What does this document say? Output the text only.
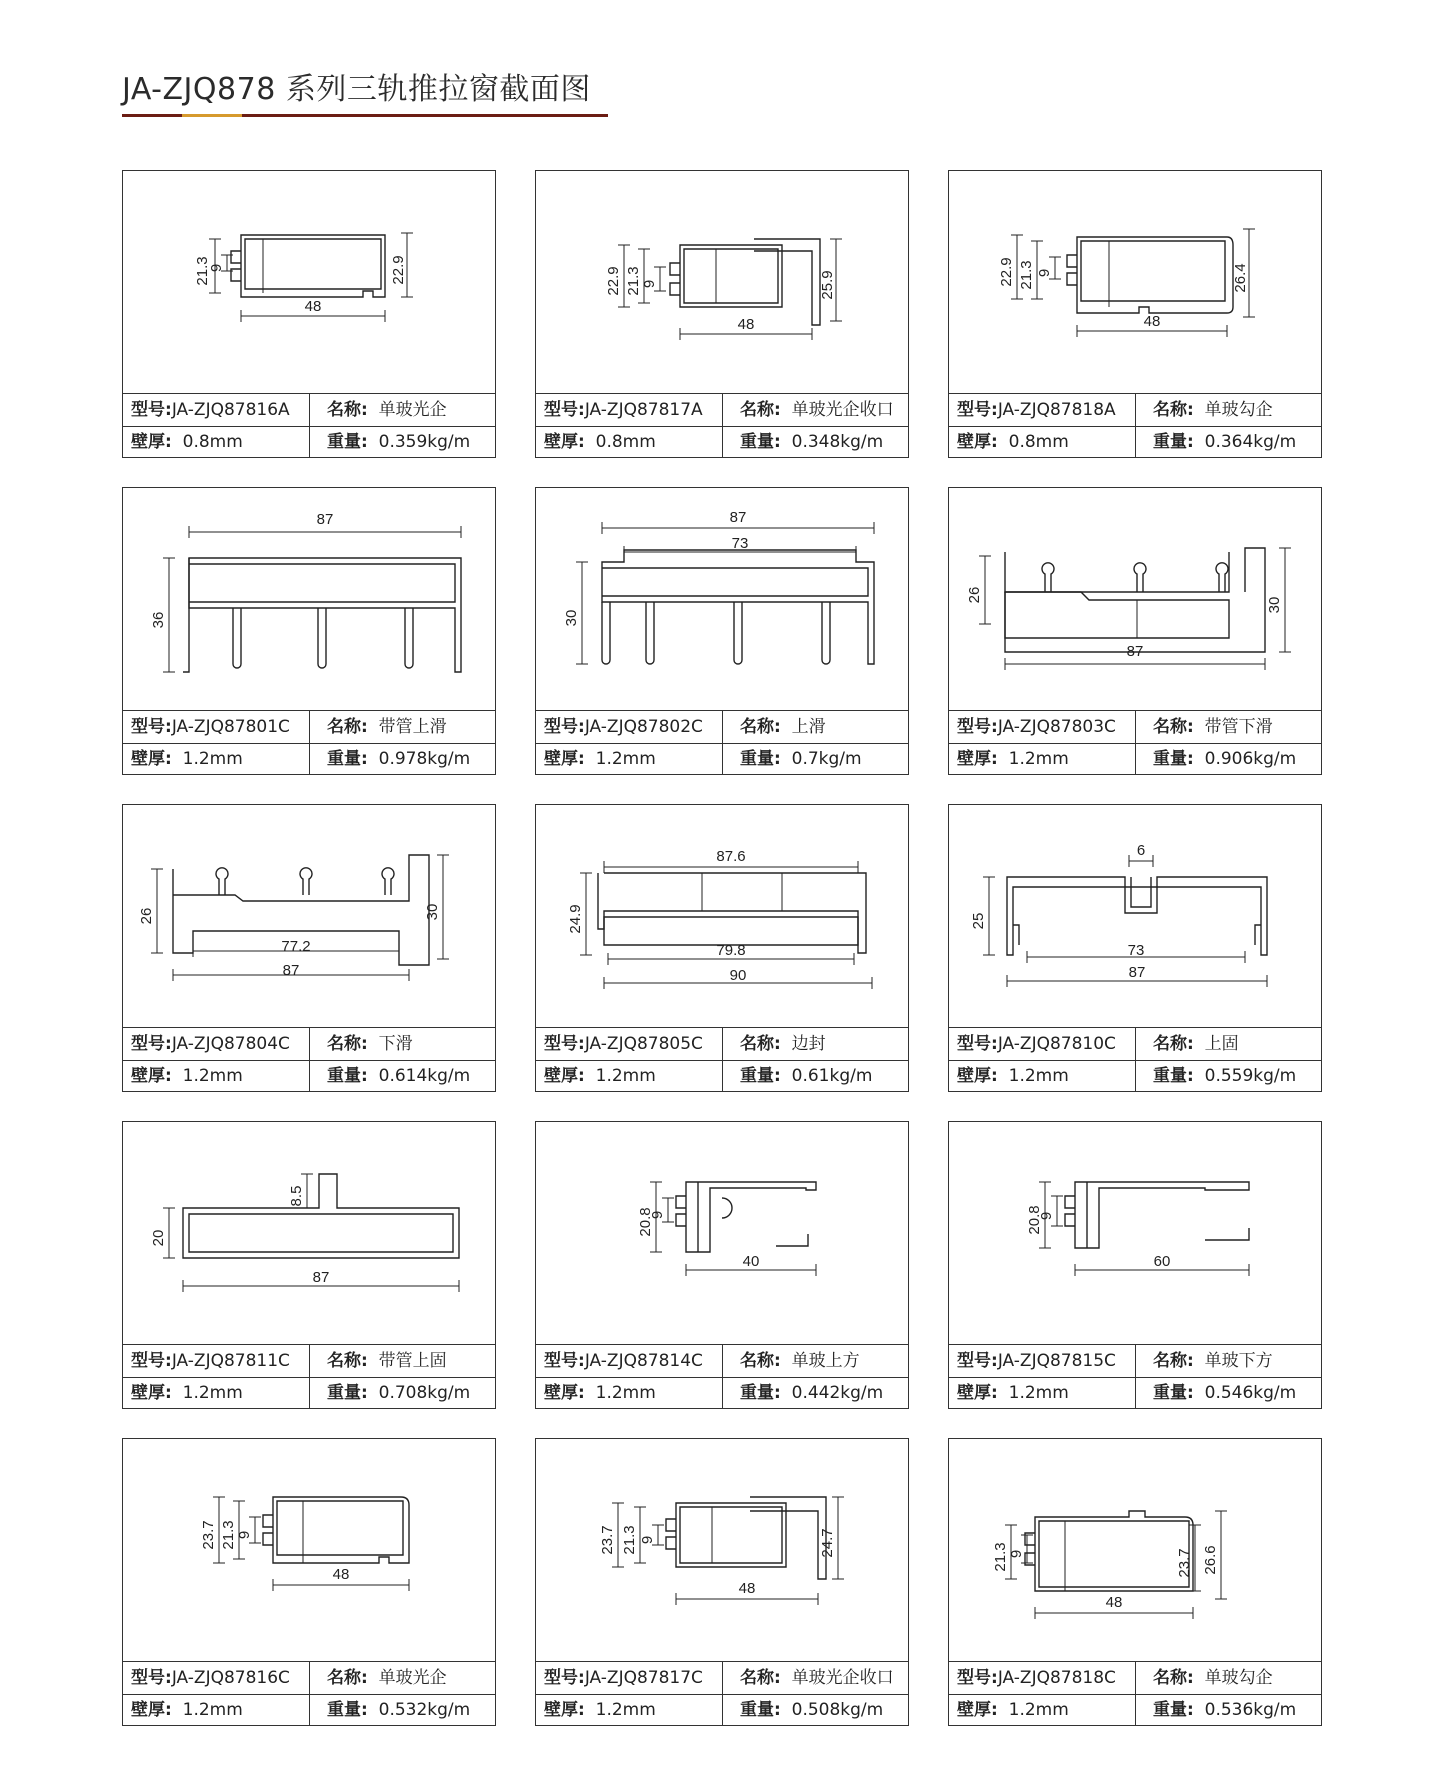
JA-ZJQ878 系列三轨推拉窗截面图
21.3
9	22.9
48
型号:JA-ZJQ87816A	名称: 单玻光企
壁厚: 0.8mm	重量: 0.359kg/m
22.9 21.3 9	25.9
48
型号:JA-ZJQ87817A	名称: 单玻光企收口
壁厚: 0.8mm	重量: 0.348kg/m
22.9 21.3 9	26.4
48
型号:JA-ZJQ87818A	名称: 单玻勾企
壁厚: 0.8mm	重量: 0.364kg/m
87
36
型号:JA-ZJQ87801C	名称: 带管上滑
壁厚: 1.2mm	重量: 0.978kg/m
87
73
30
型号:JA-ZJQ87802C	名称: 上滑
壁厚: 1.2mm	重量: 0.7kg/m
26
30
87
型号:JA-ZJQ87803C	名称: 带管下滑
壁厚: 1.2mm	重量: 0.906kg/m
26	30
77.2
87
型号:JA-ZJQ87804C	名称: 下滑
壁厚: 1.2mm	重量: 0.614kg/m
87.6
24.9
79.8
90
型号:JA-ZJQ87805C	名称: 边封
壁厚: 1.2mm	重量: 0.61kg/m
6
25
73
87
型号:JA-ZJQ87810C	名称: 上固
壁厚: 1.2mm	重量: 0.559kg/m
8.5
20
87
型号:JA-ZJQ87811C	名称: 带管上固
壁厚: 1.2mm	重量: 0.708kg/m
20.8
9
40
型号:JA-ZJQ87814C	名称: 单玻上方
壁厚: 1.2mm	重量: 0.442kg/m
20.8
9
60
型号:JA-ZJQ87815C	名称: 单玻下方
壁厚: 1.2mm	重量: 0.546kg/m
23.7 21.3 9
48
型号:JA-ZJQ87816C	名称: 单玻光企
壁厚: 1.2mm	重量: 0.532kg/m
23.7 21.3 9	24.7
48
型号:JA-ZJQ87817C	名称: 单玻光企收口
壁厚: 1.2mm	重量: 0.508kg/m
21.3 9	23.7 26.6
48
型号:JA-ZJQ87818C	名称: 单玻勾企
壁厚: 1.2mm	重量: 0.536kg/m
